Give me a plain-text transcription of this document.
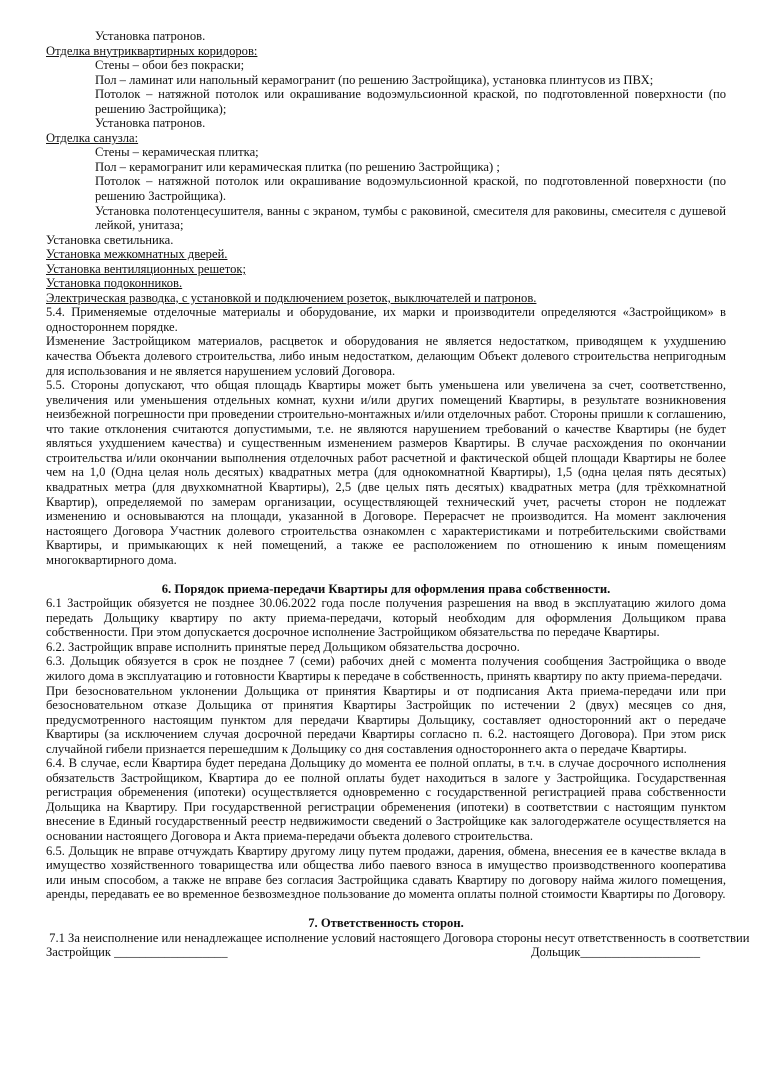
Установка патронов.

Отделка внутриквартирных коридоров:

Стены – обои без покраски;

Пол – ламинат или напольный керамогранит (по решению Застройщика), установка плинтусов из ПВХ;

Потолок – натяжной потолок или окрашивание водоэмульсионной краской, по подготовленной поверхности (по решению Застройщика);

Установка патронов.

Отделка санузла:

Стены – керамическая плитка;

Пол – керамогранит или керамическая плитка (по решению Застройщика) ;

Потолок – натяжной потолок или окрашивание водоэмульсионной краской, по подготовленной поверхности (по решению Застройщика).

Установка полотенцесушителя, ванны с экраном, тумбы с раковиной, смесителя для раковины, смесителя с душевой лейкой, унитаза;

Установка светильника.

Установка межкомнатных дверей.

Установка вентиляционных решеток;

Установка подоконников.

Электрическая разводка, с установкой и подключением розеток, выключателей и патронов.

5.4. Применяемые отделочные материалы и оборудование, их марки и производители определяются «Застройщиком» в одностороннем порядке.

Изменение Застройщиком материалов, расцветок и оборудования не является недостатком, приводящем к ухудшению качества Объекта долевого строительства, либо иным недостатком, делающим Объект долевого строительства непригодным для использования и не является нарушением условий Договора.

5.5. Стороны допускают, что общая площадь Квартиры может быть уменьшена или увеличена за счет, соответственно, увеличения или уменьшения отдельных комнат, кухни и/или других помещений Квартиры, в результате возникновения неизбежной погрешности при проведении строительно-монтажных и/или отделочных работ. Стороны пришли к соглашению, что такие отклонения считаются допустимыми, т.е. не являются нарушением требований о качестве Квартиры (не будет являться ухудшением качества) и существенным изменением размеров Квартиры. В случае расхождения по окончании строительства и/или окончании выполнения отделочных работ расчетной и фактической общей площади Квартиры не более чем на 1,0 (Одна целая ноль десятых) квадратных метра (для однокомнатной Квартиры), 1,5 (одна целая пять десятых) квадратных метра (для двухкомнатной Квартиры), 2,5 (две целых пять десятых) квадратных метра (для трёхкомнатной Квартир), определяемой по замерам организации, осуществляющей технический учет, расчеты сторон не подлежат изменению и основываются на площади, указанной в Договоре. Перерасчет не производится. На момент заключения настоящего Договора Участник долевого строительства ознакомлен с характеристиками и потребительскими свойствами Квартиры, и примыкающих к ней помещений, а также ее расположением по отношению к иным помещениям многоквартирного дома.

6. Порядок приема-передачи Квартиры для оформления права собственности.

6.1 Застройщик обязуется не позднее 30.06.2022 года после получения разрешения на ввод в эксплуатацию жилого дома передать Дольщику квартиру по акту приема-передачи, который необходим для оформления Дольщиком права собственности. При этом допускается досрочное исполнение Застройщиком обязательства по передаче Квартиры.

6.2. Застройщик вправе исполнить принятые перед Дольщиком обязательства досрочно.

6.3. Дольщик обязуется в срок не позднее 7 (семи) рабочих дней с момента получения сообщения Застройщика о вводе жилого дома в эксплуатацию и готовности Квартиры к передаче в собственность, принять квартиру по акту приема-передачи.

При безосновательном уклонении Дольщика от принятия Квартиры и от подписания Акта приема-передачи или при безосновательном отказе Дольщика от принятия Квартиры Застройщик по истечении 2 (двух) месяцев со дня, предусмотренного настоящим пунктом для передачи Квартиры Дольщику, составляет односторонний акт о передаче Квартиры (за исключением случая досрочной передачи Квартиры согласно п. 6.2. настоящего Договора). При этом риск случайной гибели признается перешедшим к Дольщику со дня составления одностороннего акта о передаче Квартиры.

6.4. В случае, если Квартира будет передана Дольщику до момента ее полной оплаты, в т.ч. в случае досрочного исполнения обязательств Застройщиком, Квартира до ее полной оплаты будет находиться в залоге у Застройщика. Государственная регистрация обременения (ипотеки) осуществляется одновременно с государственной регистрацией права собственности Дольщика на Квартиру. При государственной регистрации обременения (ипотеки) в соответствии с настоящим пунктом внесение в Единый государственный реестр недвижимости сведений о Застройщике как залогодержателе осуществляется на основании настоящего Договора и Акта приема-передачи объекта долевого строительства.

6.5. Дольщик не вправе отчуждать Квартиру другому лицу путем продажи, дарения, обмена, внесения ее в качестве вклада в имущество хозяйственного товарищества или общества либо паевого взноса в имущество производственного кооператива или иным способом, а также не вправе без согласия Застройщика сдавать Квартиру по договору найма жилого помещения, аренды, передавать ее во временное безвозмездное пользование до момента оплаты полной стоимости Квартиры по Договору.

7. Ответственность сторон.

7.1 За неисполнение или ненадлежащее исполнение условий настоящего Договора стороны несут ответственность в соответствии

Застройщик __________________	Дольщик___________________
